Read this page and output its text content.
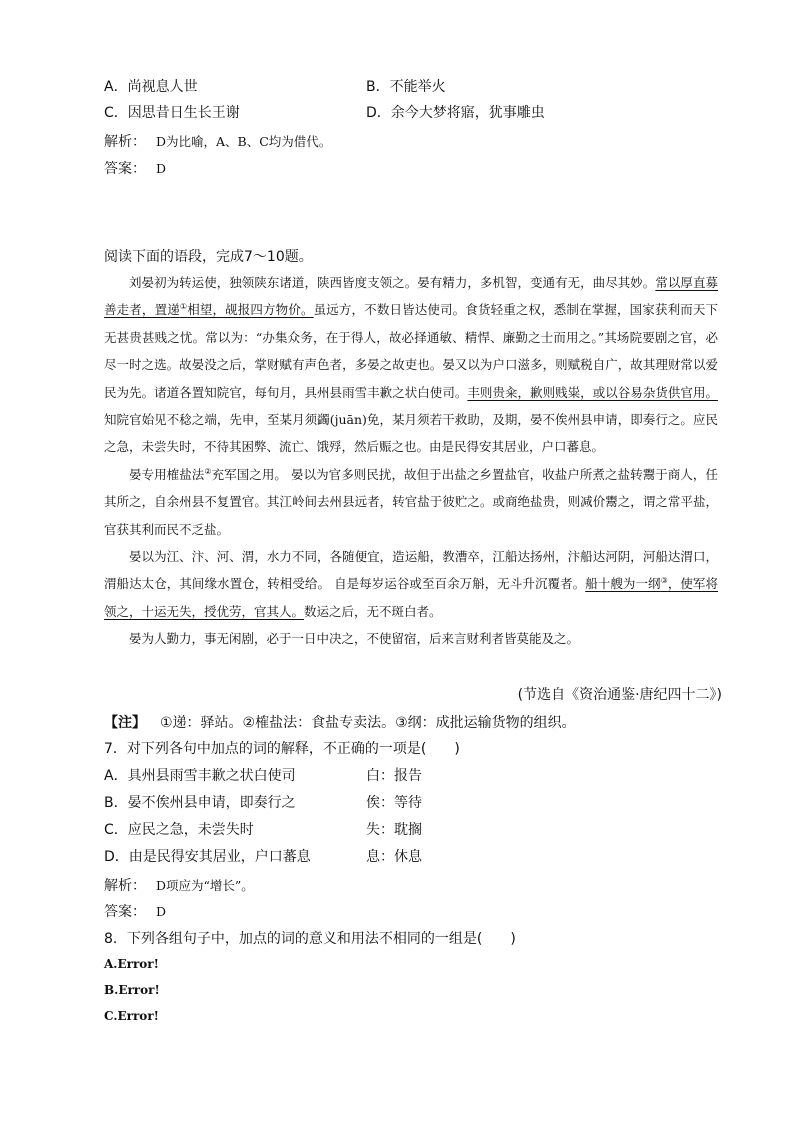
A．尚视息人世	B．不能举火
C．因思昔日生长王谢	D．余今大梦将寤，犹事雕虫
解析： D为比喻，A、B、C均为借代。
答案： D
阅读下面的语段，完成7～10题。

刘晏初为转运使，独领陕东诸道，陕西皆度支领之。晏有精力，多机智，变通有无，曲尽其妙。常以厚直募善走者，置递①相望，觇报四方物价。虽远方，不数日皆达使司。食货轻重之权，悉制在掌握，国家获利而天下无甚贵甚贱之忧。常以为：“办集众务，在于得人，故必择通敏、精悍、廉勤之士而用之。”其场院要剧之官，必尽一时之选。故晏没之后，掌财赋有声色者，多晏之故吏也。晏又以为户口滋多，则赋税自广，故其理财常以爱民为先。诸道各置知院官，每旬月，具州县雨雪丰歉之状白使司。丰则贵籴，歉则贱粜，或以谷易杂货供官用。知院官始见不稔之端，先申，至某月须蠲(juān)免，某月须若干救助，及期，晏不俟州县申请，即奏行之。应民之急，未尝失时，不待其困弊、流亡、饿殍，然后赈之也。由是民得安其居业，户口蕃息。

晏专用榷盐法②充军国之用。 晏以为官多则民扰，故但于出盐之乡置盐官，收盐户所煮之盐转鬻于商人，任其所之，自余州县不复置官。其江岭间去州县远者，转官盐于彼贮之。或商绝盐贵，则减价鬻之，谓之常平盐，官获其利而民不乏盐。

晏以为江、汴、河、渭，水力不同，各随便宜，造运船，教漕卒，江船达扬州，汴船达河阴，河船达渭口，渭船达太仓，其间缘水置仓，转相受给。 自是每岁运谷或至百余万斛，无斗升沉覆者。船十艘为一纲③，使军将领之，十运无失，授优劳，官其人。数运之后，无不斑白者。

晏为人勤力，事无闲剧，必于一日中决之，不使留宿，后来言财利者皆莫能及之。

(节选自《资治通鉴·唐纪四十二》)
【注】 ①递：驿站。②榷盐法：食盐专卖法。③纲：成批运输货物的组织。
7．对下列各句中加点的词的解释，不正确的一项是(　　)
A．具州县雨雪丰歉之状白使司	白：报告
B．晏不俟州县申请，即奏行之	俟：等待
C．应民之急，未尝失时	失：耽搁
D．由是民得安其居业，户口蕃息	息：休息
解析： D项应为“增长”。
答案： D
8．下列各组句子中，加点的词的意义和用法不相同的一组是(　　)
A.Error!
B.Error!
C.Error!
